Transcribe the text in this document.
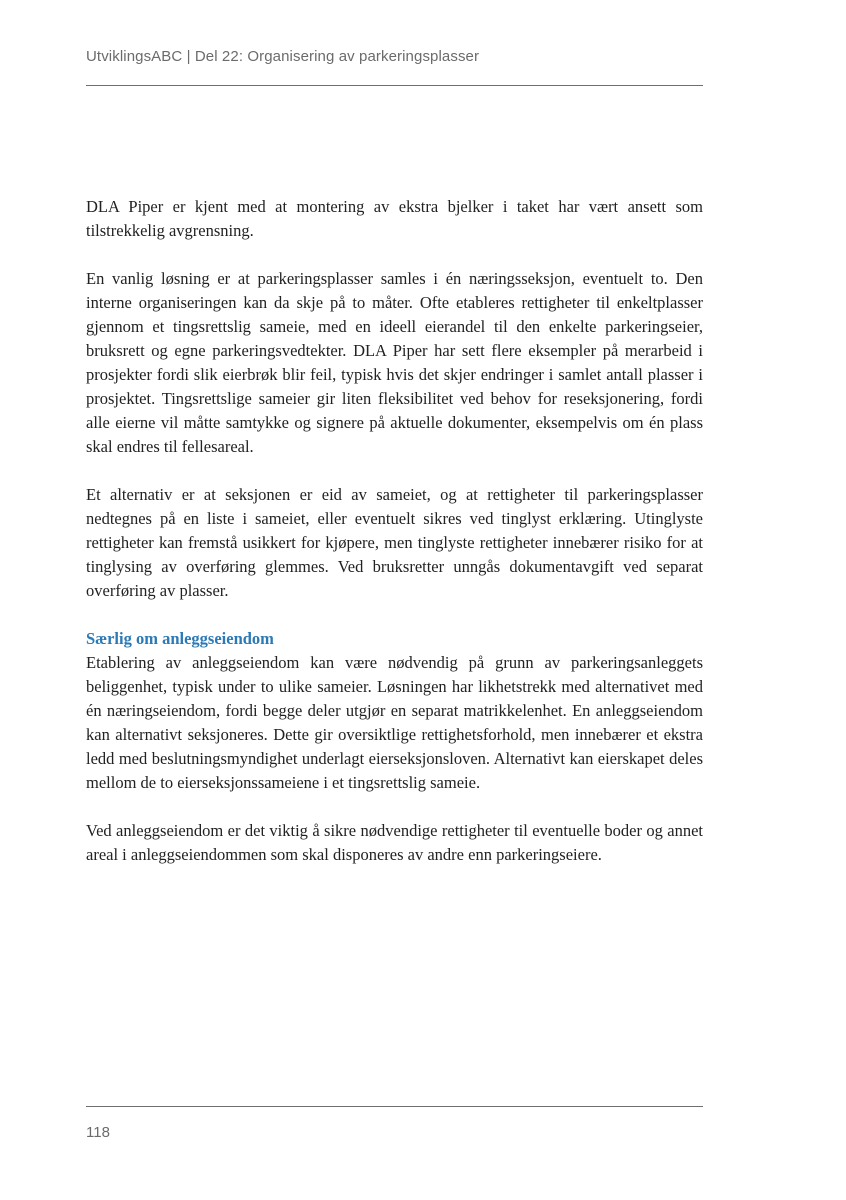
UtviklingsABC | Del 22: Organisering av parkeringsplasser

DLA Piper er kjent med at montering av ekstra bjelker i taket har vært ansett som tilstrekkelig avgrensning.

En vanlig løsning er at parkeringsplasser samles i én næringsseksjon, eventuelt to. Den interne organiseringen kan da skje på to måter. Ofte etableres rettigheter til enkeltplasser gjennom et tingsrettslig sameie, med en ideell eierandel til den enkelte parkeringseier, bruksrett og egne parkeringsvedtekter. DLA Piper har sett flere eksempler på merarbeid i prosjekter fordi slik eierbrøk blir feil, typisk hvis det skjer endringer i samlet antall plasser i prosjektet. Tingsrettslige sameier gir liten fleksibilitet ved behov for reseksjonering, fordi alle eierne vil måtte samtykke og signere på aktuelle dokumenter, eksempelvis om én plass skal endres til fellesareal.

Et alternativ er at seksjonen er eid av sameiet, og at rettigheter til parkeringsplasser nedtegnes på en liste i sameiet, eller eventuelt sikres ved tinglyst erklæring. Utinglyste rettigheter kan fremstå usikkert for kjøpere, men tinglyste rettigheter innebærer risiko for at tinglysing av overføring glemmes. Ved bruksretter unngås dokumentavgift ved separat overføring av plasser.

Særlig om anleggseiendom

Etablering av anleggseiendom kan være nødvendig på grunn av parkeringsanleggets beliggenhet, typisk under to ulike sameier. Løsningen har likhetstrekk med alternativet med én næringseiendom, fordi begge deler utgjør en separat matrikkelenhet. En anleggseiendom kan alternativt seksjoneres. Dette gir oversiktlige rettighetsforhold, men innebærer et ekstra ledd med beslutningsmyndighet underlagt eierseksjonsloven. Alternativt kan eierskapet deles mellom de to eierseksjonssameiene i et tingsrettslig sameie.

Ved anleggseiendom er det viktig å sikre nødvendige rettigheter til eventuelle boder og annet areal i anleggseiendommen som skal disponeres av andre enn parkeringseiere.

118
